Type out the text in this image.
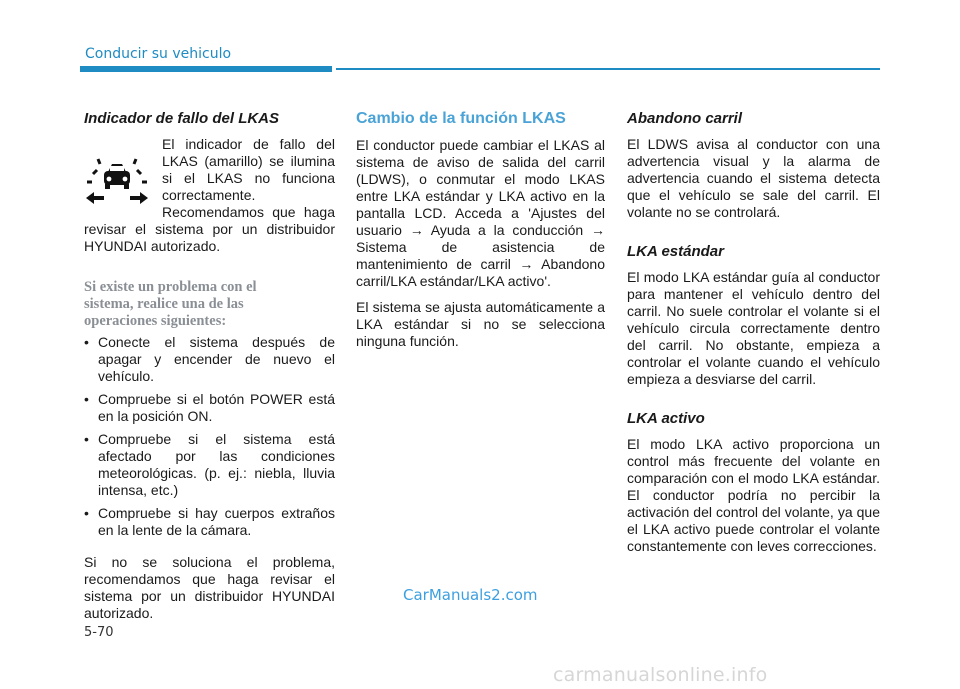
Conducir su vehiculo
Indicador de fallo del LKAS

El indicador de fallo del LKAS (amarillo) se ilumina si el LKAS no funciona correctamente. Recomendamos que haga revisar el sistema por un distribuidor HYUNDAI autorizado.

Si existe un problema con el sistema, realice una de las operaciones siguientes:
• Conecte el sistema después de apagar y encender de nuevo el vehículo.
• Compruebe si el botón POWER está en la posición ON.
• Compruebe si el sistema está afectado por las condiciones meteorológicas. (p. ej.: niebla, lluvia intensa, etc.)
• Compruebe si hay cuerpos extraños en la lente de la cámara.

Si no se soluciona el problema, recomendamos que haga revisar el sistema por un distribuidor HYUNDAI autorizado.

Cambio de la función LKAS

El conductor puede cambiar el LKAS al sistema de aviso de salida del carril (LDWS), o conmutar el modo LKAS entre LKA estándar y LKA activo en la pantalla LCD. Acceda a 'Ajustes del usuario → Ayuda a la conducción → Sistema de asistencia de mantenimiento de carril → Abandono carril/LKA estándar/LKA activo'.

El sistema se ajusta automáticamente a LKA estándar si no se selecciona ninguna función.

Abandono carril

El LDWS avisa al conductor con una advertencia visual y la alarma de advertencia cuando el sistema detecta que el vehículo se sale del carril. El volante no se controlará.

LKA estándar

El modo LKA estándar guía al conductor para mantener el vehículo dentro del carril. No suele controlar el volante si el vehículo circula correctamente dentro del carril. No obstante, empieza a controlar el volante cuando el vehículo empieza a desviarse del carril.

LKA activo

El modo LKA activo proporciona un control más frecuente del volante en comparación con el modo LKA estándar. El conductor podría no percibir la activación del control del volante, ya que el LKA activo puede controlar el volante constantemente con leves correcciones.

CarManuals2.com
5-70
carmanualsonline.info
